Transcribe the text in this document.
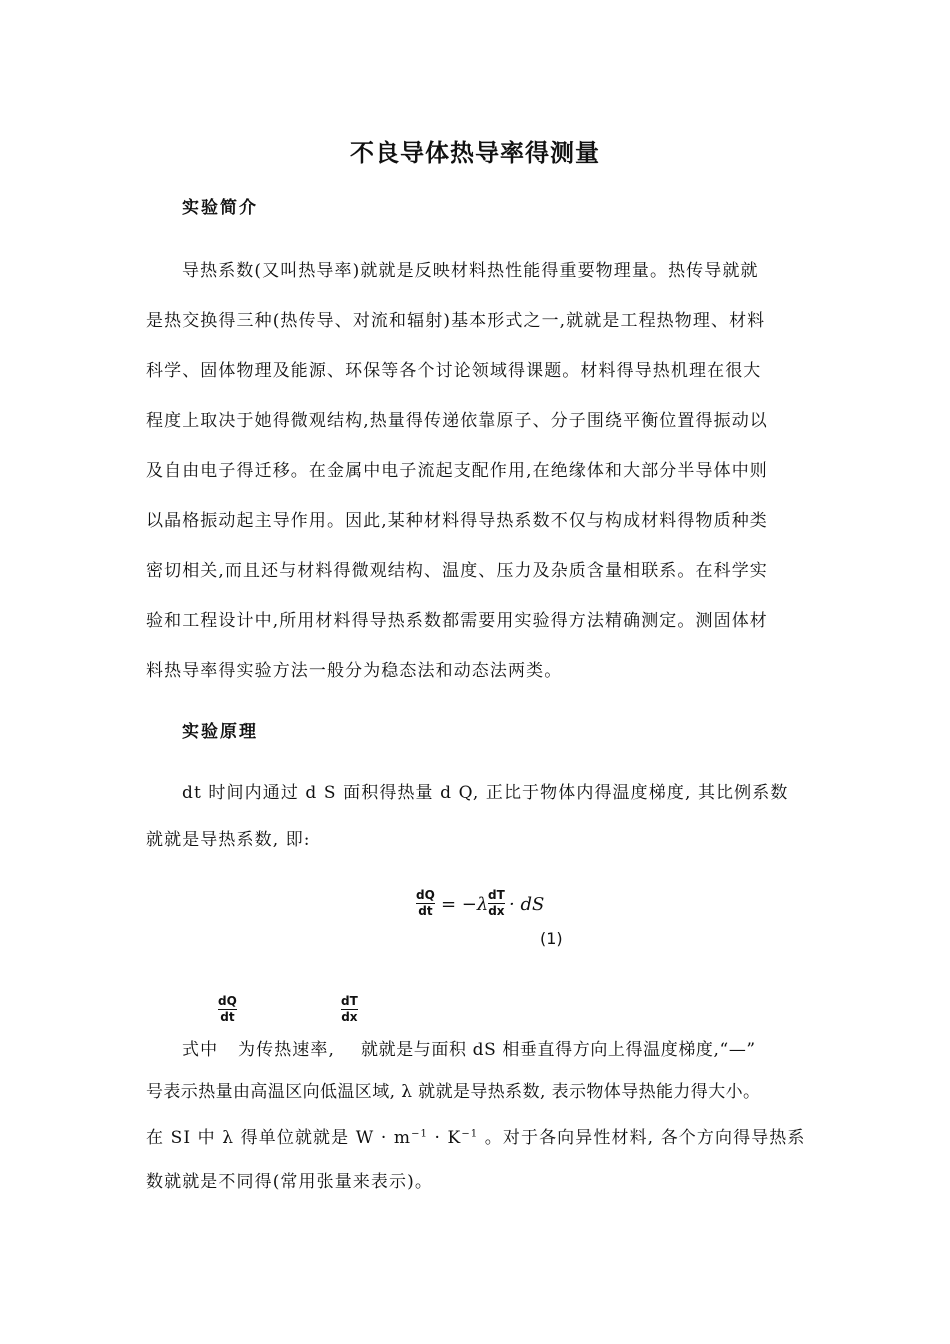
不良导体热导率得测量
实验简介
导热系数(又叫热导率)就就是反映材料热性能得重要物理量。热传导就就
是热交换得三种(热传导、对流和辐射)基本形式之一,就就是工程热物理、材料
科学、固体物理及能源、环保等各个讨论领域得课题。材料得导热机理在很大
程度上取决于她得微观结构,热量得传递依靠原子、分子围绕平衡位置得振动以
及自由电子得迁移。在金属中电子流起支配作用,在绝缘体和大部分半导体中则
以晶格振动起主导作用。因此,某种材料得导热系数不仅与构成材料得物质种类
密切相关,而且还与材料得微观结构、温度、压力及杂质含量相联系。在科学实
验和工程设计中,所用材料得导热系数都需要用实验得方法精确测定。测固体材
料热导率得实验方法一般分为稳态法和动态法两类。
实验原理
dt 时间内通过 d S 面积得热量 d Q, 正比于物体内得温度梯度, 其比例系数
就就是导热系数, 即:
dQ
dt = −λ dT
dx · dS
(1)
dQ
dt
dT
dx
式中 为传热速率, 就就是与面积 dS 相垂直得方向上得温度梯度,“—”
号表示热量由高温区向低温区域, λ 就就是导热系数, 表示物体导热能力得大小。
在 SI 中 λ 得单位就就是 $W \cdot m^{-1} \cdot K^{-1}$ 。对于各向异性材料, 各个方向得导热系
数就就是不同得(常用张量来表示)。
